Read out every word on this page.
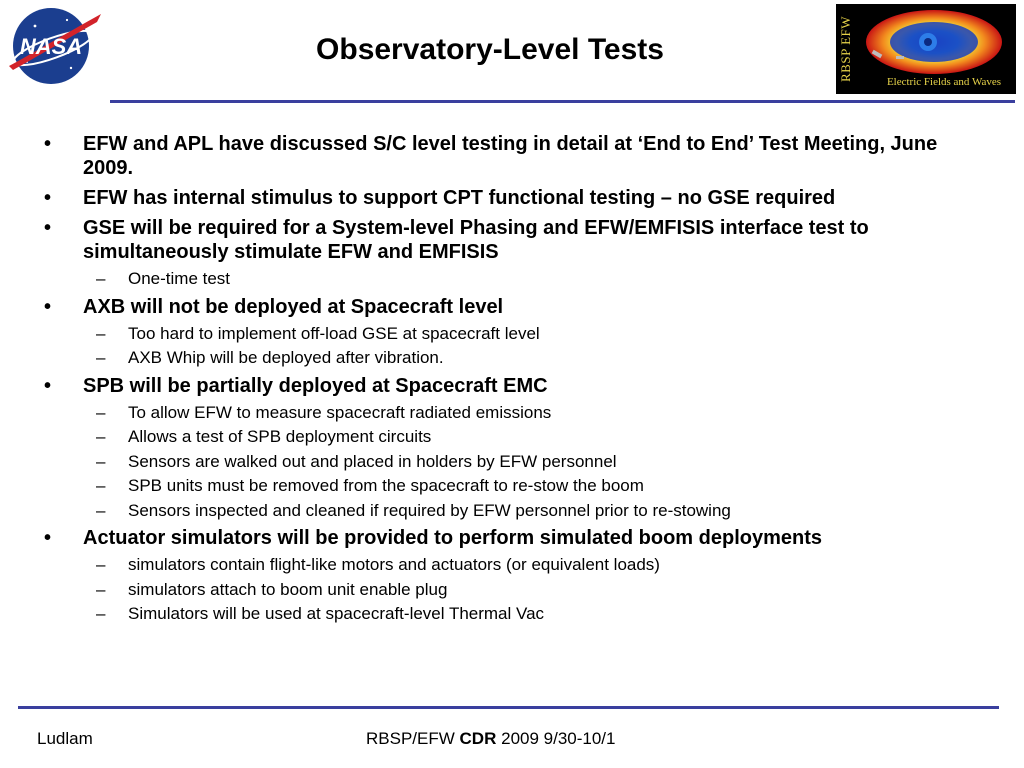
NASA	Observatory-Level Tests	RBSP EFW	Electric Fields and Waves
• EFW and APL have discussed S/C level testing in detail at ‘End to End’ Test Meeting, June 2009.
• EFW has internal stimulus to support CPT functional testing – no GSE required
• GSE will be required for a System-level Phasing and EFW/EMFISIS interface test to simultaneously stimulate EFW and EMFISIS
– One-time test
• AXB will not be deployed at Spacecraft level
– Too hard to implement off-load GSE at spacecraft level
– AXB Whip will be deployed after vibration.
• SPB will be partially deployed at Spacecraft EMC
– To allow EFW to measure spacecraft radiated emissions
– Allows a test of SPB deployment circuits
– Sensors are walked out and placed in holders by EFW personnel
– SPB units must be removed from the spacecraft to re-stow the boom
– Sensors inspected and cleaned if required by EFW personnel prior to re-stowing
• Actuator simulators will be provided to perform simulated boom deployments
– simulators contain flight-like motors and actuators (or equivalent loads)
– simulators attach to boom unit enable plug
– Simulators will be used at spacecraft-level Thermal Vac
Ludlam	RBSP/EFW CDR 2009 9/30-10/1
